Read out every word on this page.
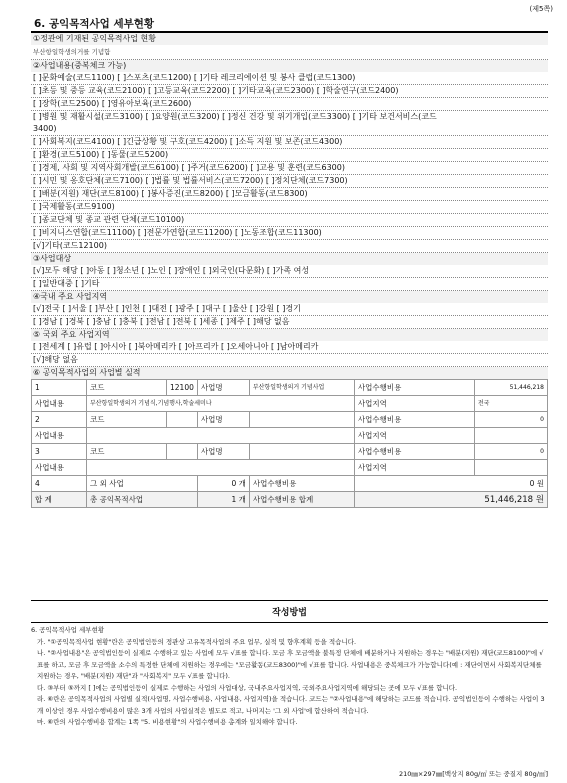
(제5쪽)
6. 공익목적사업 세부현황
①정관에 기재된 공익목적사업 현황
부산항일학생의거를 기념함
②사업내용(중복체크 가능)
[ ]문화예술(코드1100) [ ]스포츠(코드1200) [ ]기타 레크리에이션 및 봉사 클럽(코드1300)
[ ]초등 및 중등 교육(코드2100) [ ]고등교육(코드2200) [ ]기타교육(코드2300) [ ]학술연구(코드2400)
[ ]장학(코드2500) [ ]영유아보육(코드2600)
[ ]병원 및 재활시설(코드3100) [ ]요양원(코드3200) [ ]정신 건강 및 위기개입(코드3300) [ ]기타 보건서비스(코드
3400)
[ ]사회복지(코드4100) [ ]긴급상황 및 구호(코드4200) [ ]소득 지원 및 보존(코드4300)
[ ]환경(코드5100) [ ]동물(코드5200)
[ ]경제, 사회 및 지역사회개발(코드6100) [ ]주거(코드6200) [ ]고용 및 훈련(코드6300)
[ ]시민 및 옹호단체(코드7100) [ ]법률 및 법률서비스(코드7200) [ ]정치단체(코드7300)
[ ]배분(지원) 재단(코드8100) [ ]봉사증진(코드8200) [ ]모금활동(코드8300)
[ ]국제활동(코드9100)
[ ]종교단체 및 종교 관련 단체(코드10100)
[ ]비지니스연합(코드11100) [ ]전문가연합(코드11200) [ ]노동조합(코드11300)
[√]기타(코드12100)
③사업대상
[√]모두 해당 [ ]아동 [ ]청소년 [ ]노인 [ ]장애인 [ ]외국인(다문화) [ ]가족 여성
[ ]일반대중 [ ]기타
④국내 주요 사업지역
[√]전국 [ ]서울 [ ]부산 [ ]인천 [ ]대전 [ ]광주 [ ]대구 [ ]울산 [ ]강원 [ ]경기
[ ]경남 [ ]경북 [ ]충남 [ ]충북 [ ]전남 [ ]전북 [ ]세종 [ ]제주 [ ]해당 없음
⑤ 국외 주요 사업지역
[ ]전세계 [ ]유럽 [ ]아시아 [ ]북아메리카 [ ]아프리카 [ ]오세아니아 [ ]남아메리카
[√]해당 없음
⑥ 공익목적사업의 사업별 실적
1	코드	12100	사업명	부산항일학생의거 기념사업	사업수행비용	51,446,218
사업내용	부산항일학생의거 기념식,기념행사,학술세미나				사업지역	전국
2	코드		사업명		사업수행비용	0
사업내용					사업지역	
3	코드		사업명		사업수행비용	0
사업내용					사업지역	
4	그 외 사업		0 개	사업수행비용	0 원	
합 계	총 공익목적사업		1 개	사업수행비용 합계	51,446,218 원	
작성방법
6. 공익목적사업 세부현황
가. "①공익목적사업 현황"란은 공익법인등의 정관상 고유목적사업의 주요 업무, 실적 및 향후계획 등을 적습니다.
나. "②사업내용"은 공익법인등이 실제로 수행하고 있는 사업에 모두 √표를 합니다. 모금 후 모금액을 불특정 단체에 배분하거나 지원하는 경우는 "배분(지원) 재단(코드8100)"에 √표를 하고, 모금 후 모금액을 소수의 특정한 단체에 지원하는 경우에는 "모금활동(코드8300)"에 √표를 합니다. 사업내용은 중복체크가 가능합니다(예 : 재단이면서 사회복지단체를 지원하는 경우, "배분(지원) 재단"과 "사회복지" 모두 √표를 합니다).
다. ③부터 ⑤까지 [ ]에는 공익법인등이 실제로 수행하는 사업의 사업대상, 국내주요사업지역, 국외주요사업지역에 해당되는 곳에 모두 √표를 합니다.
라. ⑥란은 공익목적사업의 사업별 실적(사업명, 사업수행비용, 사업내용, 사업지역)을 적습니다. 코드는 "②사업내용"에 해당하는 코드를 적습니다. 공익법인등이 수행하는 사업이 3개 이상인 경우 사업수행비용이 많은 3개 사업의 사업실적은 별도로 적고, 나머지는 '그 외 사업'에 합산하여 적습니다.
마. ⑥란의 사업수행비용 합계는 1쪽 "5. 비용현황"의 사업수행비용 총계와 일치해야 합니다.
210㎜×297㎜[백상지 80g/㎡ 또는 중질지 80g/㎡]
